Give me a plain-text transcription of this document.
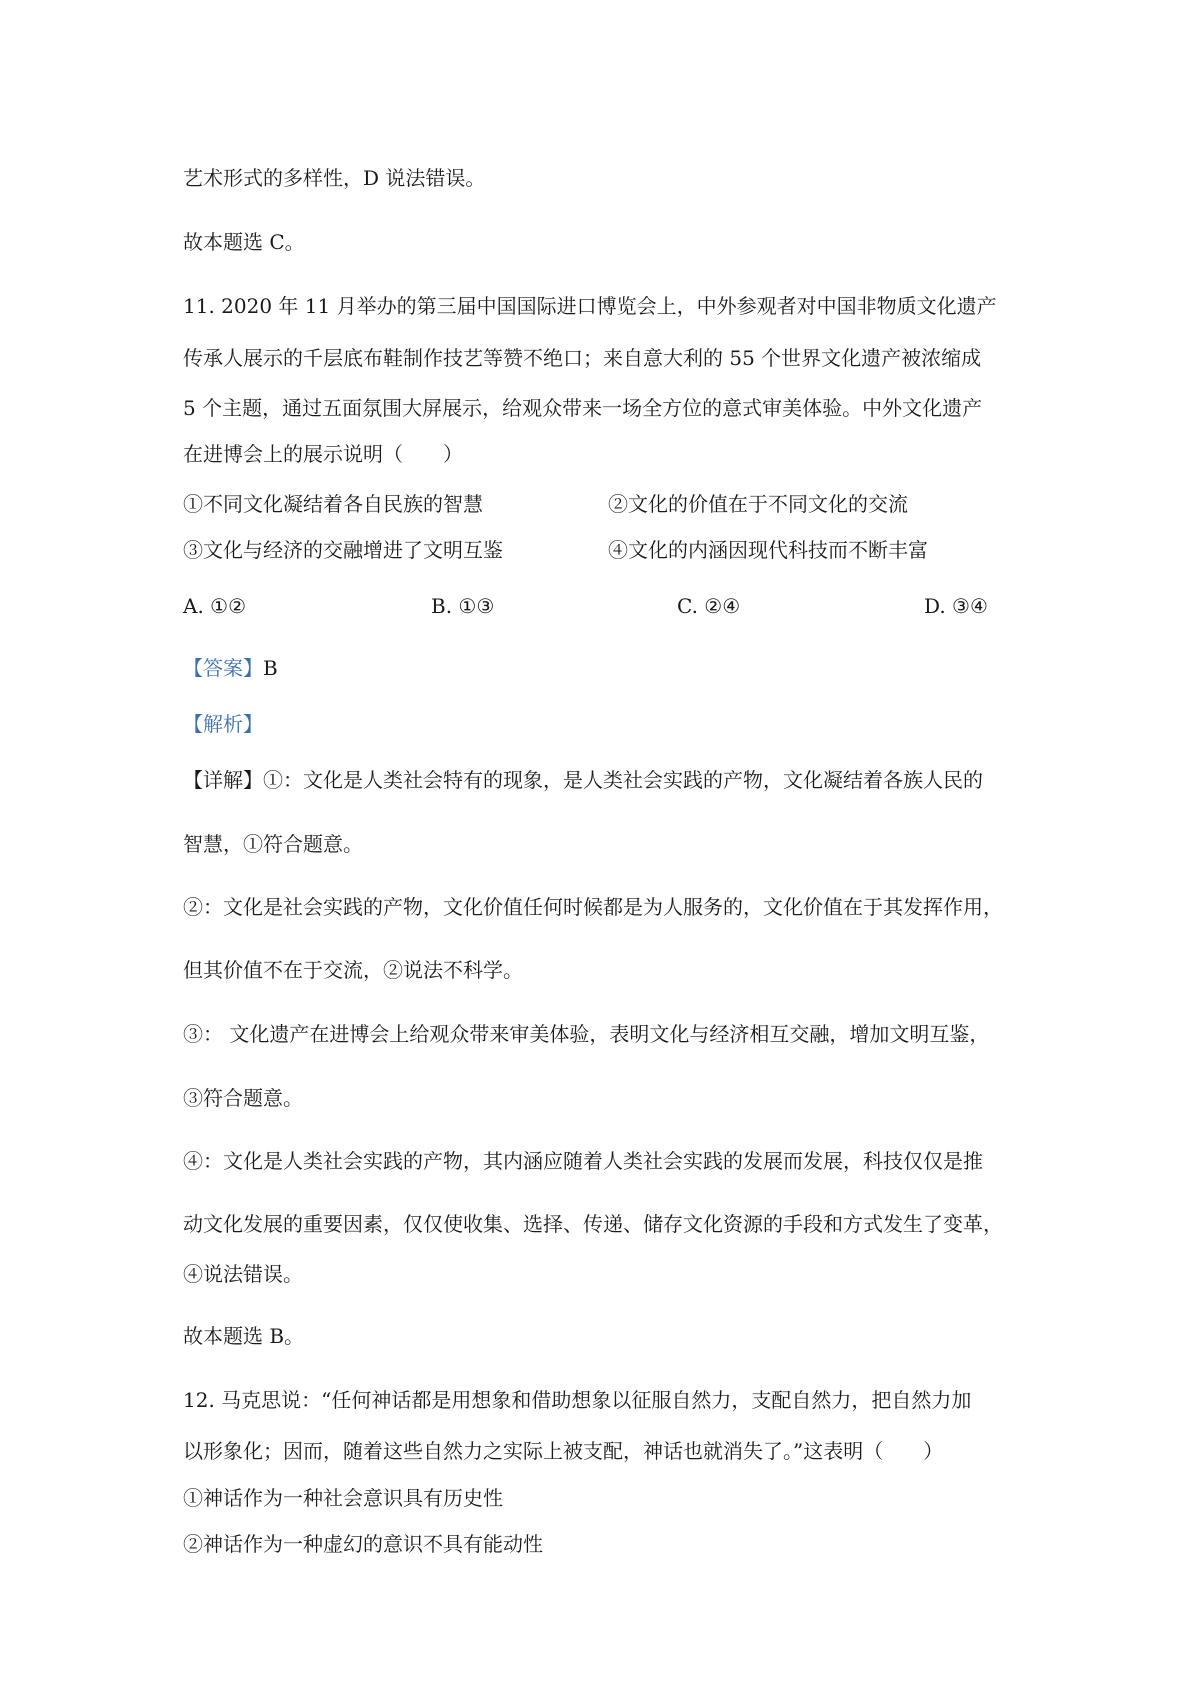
艺术形式的多样性，D 说法错误。
故本题选 C。
11. 2020 年 11 月举办的第三届中国国际进口博览会上，中外参观者对中国非物质文化遗产
传承人展示的千层底布鞋制作技艺等赞不绝口；来自意大利的 55 个世界文化遗产被浓缩成
5 个主题，通过五面氛围大屏展示，给观众带来一场全方位的意式审美体验。中外文化遗产
在进博会上的展示说明（　　）
①不同文化凝结着各自民族的智慧	②文化的价值在于不同文化的交流
③文化与经济的交融增进了文明互鉴	④文化的内涵因现代科技而不断丰富
A. ①②	B. ①③	C. ②④	D. ③④
【答案】B
【解析】
【详解】①：文化是人类社会特有的现象，是人类社会实践的产物，文化凝结着各族人民的
智慧，①符合题意。
②：文化是社会实践的产物，文化价值任何时候都是为人服务的，文化价值在于其发挥作用，
但其价值不在于交流，②说法不科学。
③： 文化遗产在进博会上给观众带来审美体验，表明文化与经济相互交融，增加文明互鉴，
③符合题意。
④：文化是人类社会实践的产物，其内涵应随着人类社会实践的发展而发展，科技仅仅是推
动文化发展的重要因素，仅仅使收集、选择、传递、储存文化资源的手段和方式发生了变革，
④说法错误。
故本题选 B。
12. 马克思说：“任何神话都是用想象和借助想象以征服自然力，支配自然力，把自然力加
以形象化；因而，随着这些自然力之实际上被支配，神话也就消失了。”这表明（　　）
①神话作为一种社会意识具有历史性
②神话作为一种虚幻的意识不具有能动性
